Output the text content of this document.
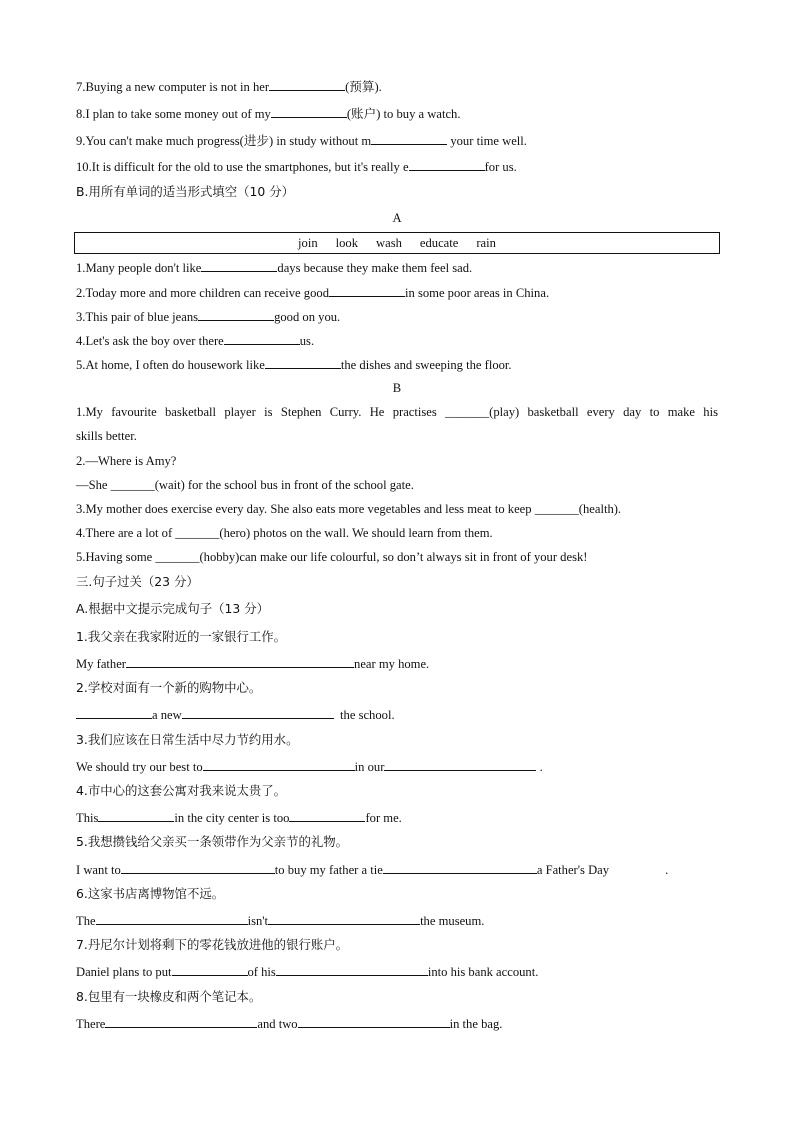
7.Buying a new computer is not in her	(预算).
8.I plan to take some money out of my	(账户) to buy a watch.
9.You can't make much progress(进步) in study without m	your time well.
10.It is difficult for the old to use the smartphones, but it's really e	for us.
B.用所有单词的适当形式填空（10 分）
A
join look wash educate rain
1.Many people don't like	days because they make them feel sad.
2.Today more and more children can receive good	in some poor areas in China.
3.This pair of blue jeans	good on you.
4.Let's ask the boy over there	us.
5.At home, I often do housework like	the dishes and sweeping the floor.
B
1.My favourite basketball player is Stephen Curry. He practises _______(play) basketball every day to make his
skills better.
2.—Where is Amy?
—She _______(wait) for the school bus in front of the school gate.
3.My mother does exercise every day. She also eats more vegetables and less meat to keep _______(health).
4.There are a lot of _______(hero) photos on the wall. We should learn from them.
5.Having some _______(hobby)can make our life colourful, so don’t always sit in front of your desk!
三.句子过关（23 分）
A.根据中文提示完成句子（13 分）
1.我父亲在我家附近的一家银行工作。
My father	near my home.
2.学校对面有一个新的购物中心。
a new	the school.
3.我们应该在日常生活中尽力节约用水。
We should try our best to	in our	.
4.市中心的这套公寓对我来说太贵了。
This	in the city center is too	for me.
5.我想攒钱给父亲买一条领带作为父亲节的礼物。
I want to	to buy my father a tie	a Father's Day	.
6.这家书店离博物馆不远。
The	isn't	the museum.
7.丹尼尔计划将剩下的零花钱放进他的银行账户。
Daniel plans to put	of his	into his bank account.
8.包里有一块橡皮和两个笔记本。
There	and two	in the bag.
